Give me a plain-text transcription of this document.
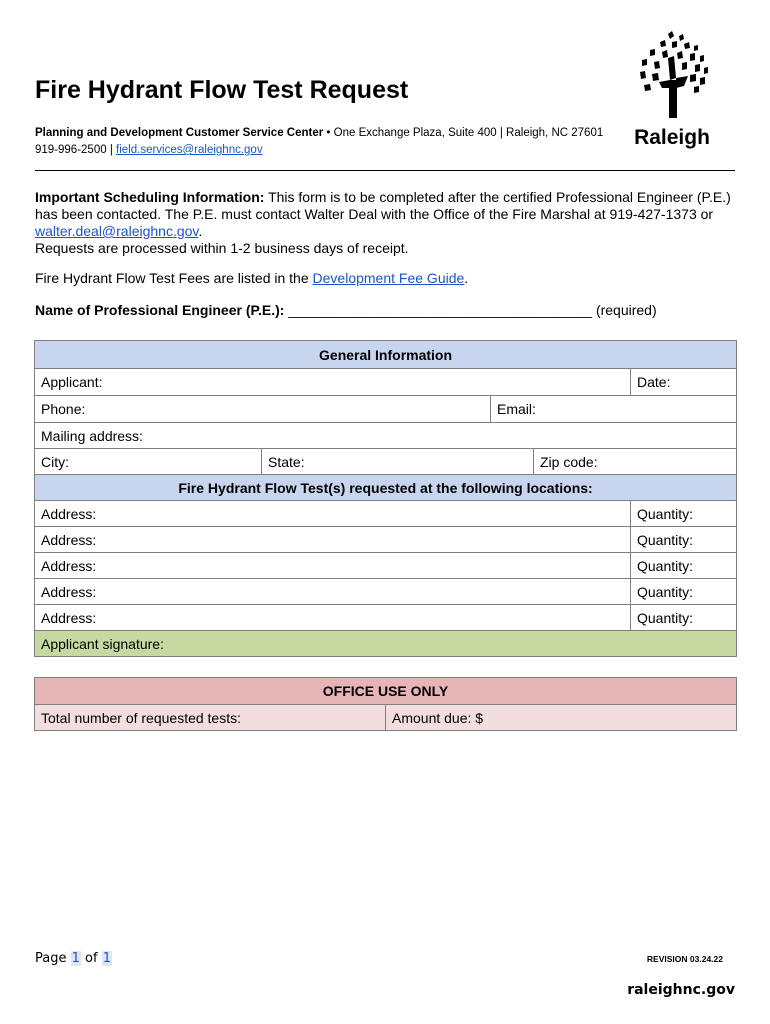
Fire Hydrant Flow Test Request
Planning and Development Customer Service Center • One Exchange Plaza, Suite 400 | Raleigh, NC 27601
919-996-2500 | field.services@raleighnc.gov
Raleigh
Important Scheduling Information: This form is to be completed after the certified Professional Engineer (P.E.) has been contacted. The P.E. must contact Walter Deal with the Office of the Fire Marshal at 919-427-1373 or walter.deal@raleighnc.gov.
Requests are processed within 1-2 business days of receipt.
Fire Hydrant Flow Test Fees are listed in the Development Fee Guide.
Name of Professional Engineer (P.E.): _______________________________________ (required)
General Information				
Applicant:				Date:
Phone:		Email:		
Mailing address:				
City:	State:		Zip code:	
Fire Hydrant Flow Test(s) requested at the following locations:				
Address:				Quantity:
Address:				Quantity:
Address:				Quantity:
Address:				Quantity:
Address:				Quantity:
Applicant signature:				
OFFICE USE ONLY
Total number of requested tests:	Amount due: $
Page 1 of 1	REVISION 03.24.22
raleighnc.gov
